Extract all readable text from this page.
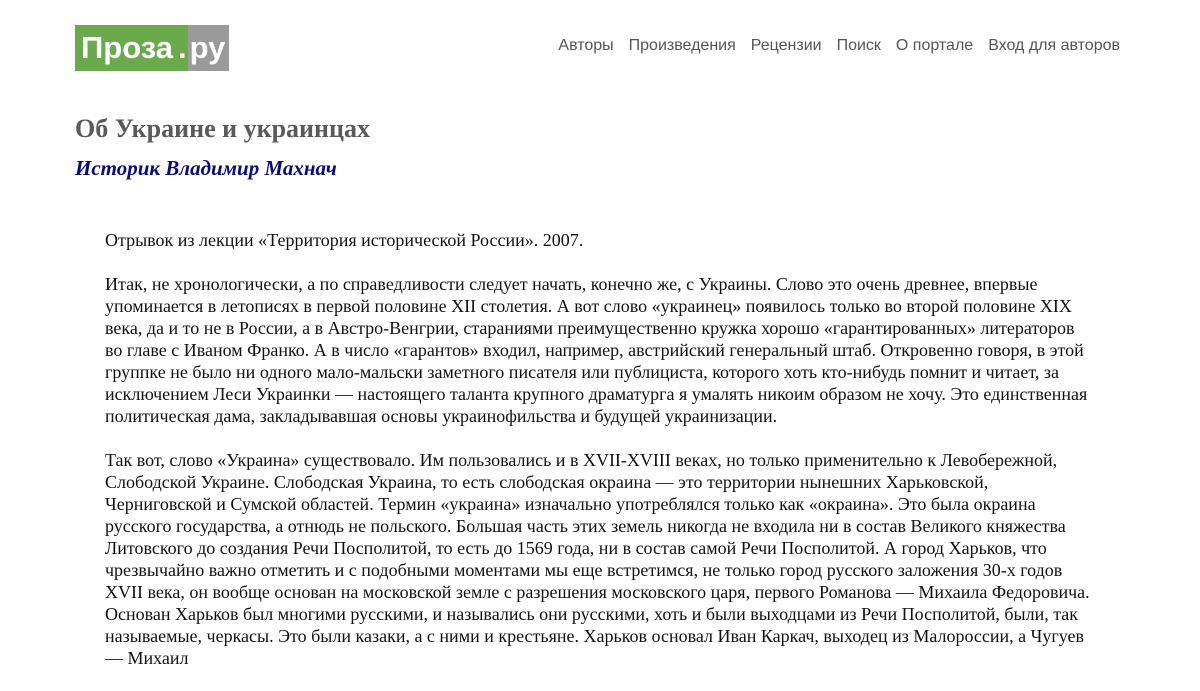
Проза . ру	Авторы Произведения Рецензии Поиск О портале Вход для авторов
Об Украине и украинцах
Историк Владимир Махнач

Отрывок из лекции «Территория исторической России». 2007.

Итак, не хронологически, а по справедливости следует начать, конечно же, с Украины. Слово это очень древнее, впервые упоминается в летописях в первой половине XII столетия. А вот слово «украинец» появилось только во второй половине XIX века, да и то не в России, а в Австро-Венгрии, стараниями преимущественно кружка хорошо «гарантированных» литераторов во главе с Иваном Франко. А в число «гарантов» входил, например, австрийский генеральный штаб. Откровенно говоря, в этой группке не было ни одного мало-мальски заметного писателя или публициста, которого хоть кто-нибудь помнит и читает, за исключением Леси Украинки — настоящего таланта крупного драматурга я умалять никоим образом не хочу. Это единственная политическая дама, закладывавшая основы украинофильства и будущей украинизации.

Так вот, слово «Украина» существовало. Им пользовались и в XVII-XVIII веках, но только применительно к Левобережной, Слободской Украине. Слободская Украина, то есть слободская окраина — это территории нынешних Харьковской, Черниговской и Сумской областей. Термин «украина» изначально употреблялся только как «окраина». Это была окраина русского государства, а отнюдь не польского. Большая часть этих земель никогда не входила ни в состав Великого княжества Литовского до создания Речи Посполитой, то есть до 1569 года, ни в состав самой Речи Посполитой. А город Харьков, что чрезвычайно важно отметить и с подобными моментами мы еще встретимся, не только город русского заложения 30-х годов XVII века, он вообще основан на московской земле с разрешения московского царя, первого Романова — Михаила Федоровича. Основан Харьков был многими русскими, и назывались они русскими, хоть и были выходцами из Речи Посполитой, были, так называемые, черкасы. Это были казаки, а с ними и крестьяне. Харьков основал Иван Каркач, выходец из Малороссии, а Чугуев — Михаил
